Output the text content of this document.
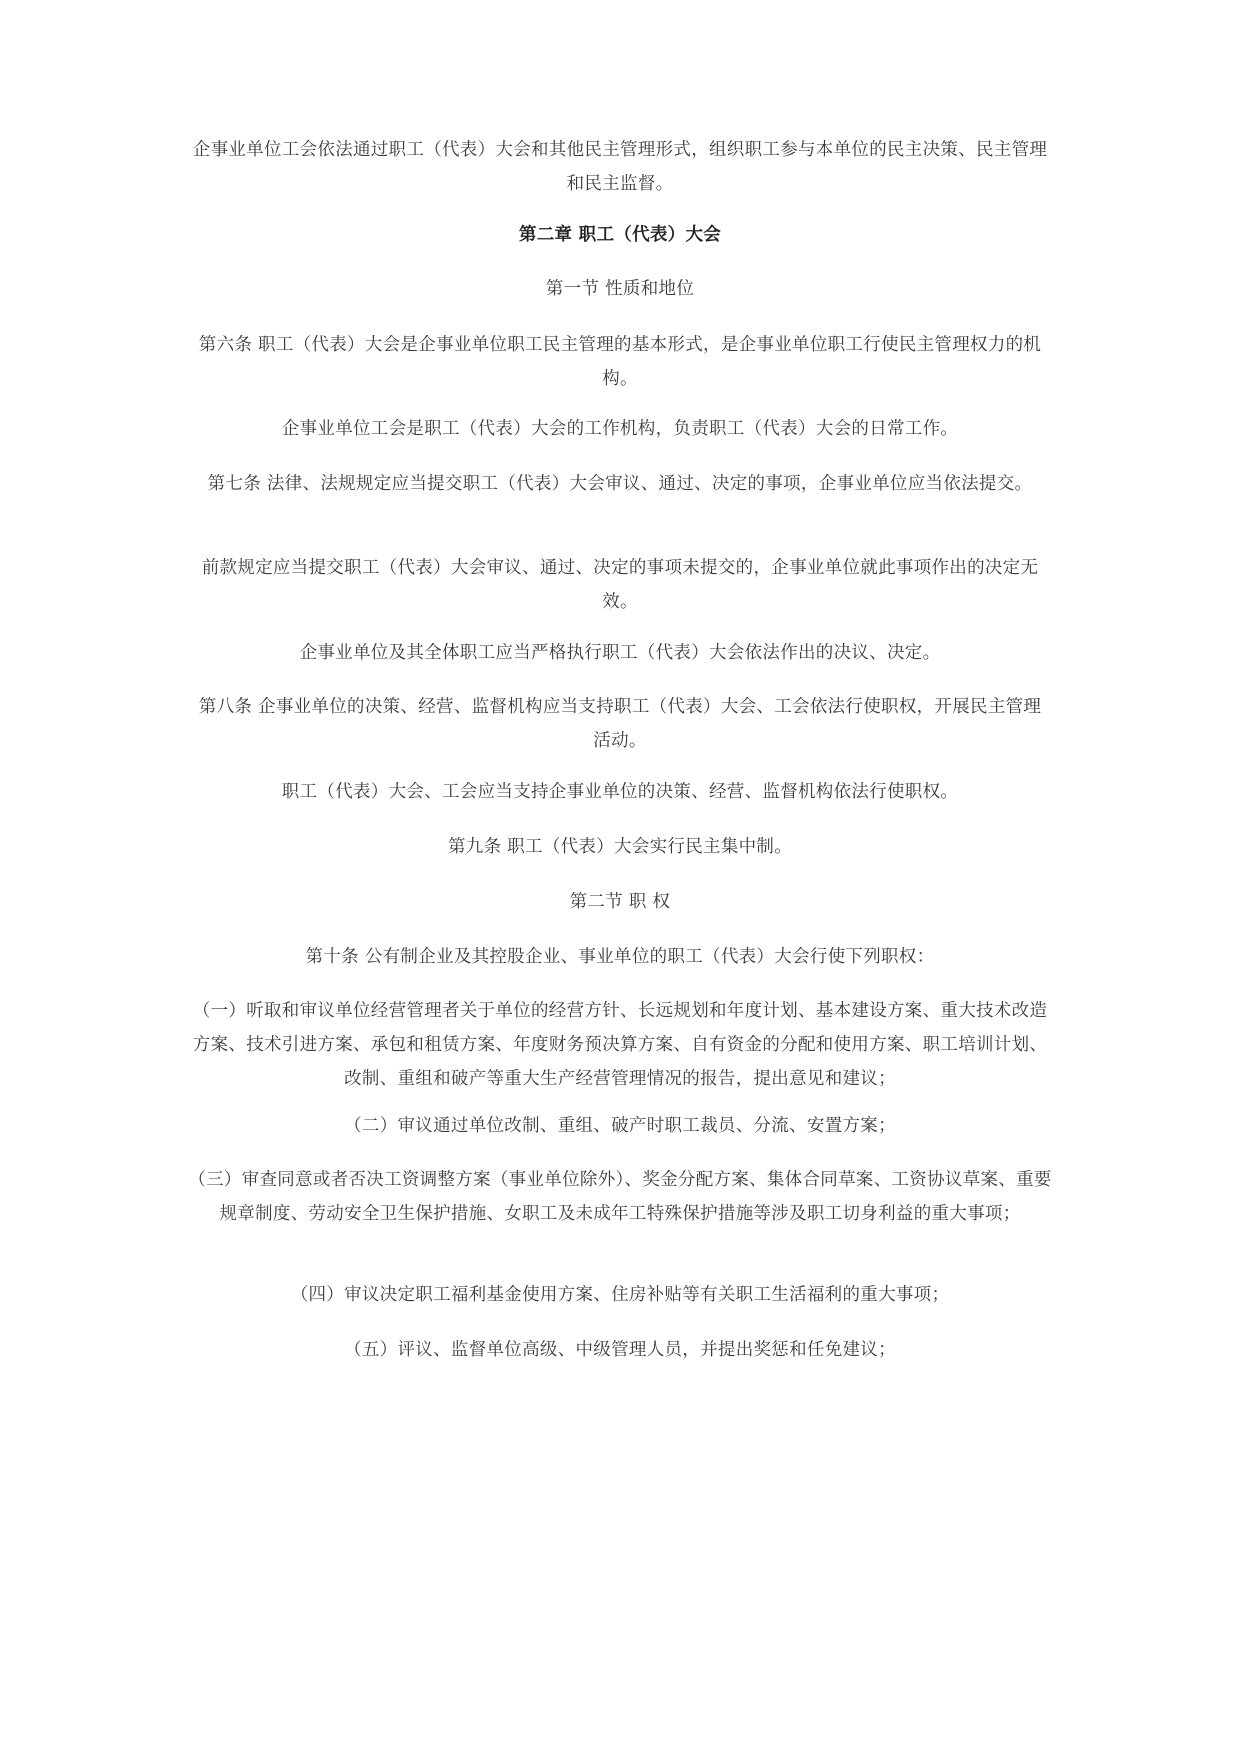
企事业单位工会依法通过职工（代表）大会和其他民主管理形式，组织职工参与本单位的民主决策、民主管理和民主监督。

第二章 职工（代表）大会

第一节 性质和地位

第六条 职工（代表）大会是企事业单位职工民主管理的基本形式，是企事业单位职工行使民主管理权力的机构。

企事业单位工会是职工（代表）大会的工作机构，负责职工（代表）大会的日常工作。

第七条 法律、法规规定应当提交职工（代表）大会审议、通过、决定的事项，企事业单位应当依法提交。

前款规定应当提交职工（代表）大会审议、通过、决定的事项未提交的，企事业单位就此事项作出的决定无效。

企事业单位及其全体职工应当严格执行职工（代表）大会依法作出的决议、决定。

第八条 企事业单位的决策、经营、监督机构应当支持职工（代表）大会、工会依法行使职权，开展民主管理活动。

职工（代表）大会、工会应当支持企事业单位的决策、经营、监督机构依法行使职权。

第九条 职工（代表）大会实行民主集中制。

第二节 职 权

第十条 公有制企业及其控股企业、事业单位的职工（代表）大会行使下列职权：

（一）听取和审议单位经营管理者关于单位的经营方针、长远规划和年度计划、基本建设方案、重大技术改造方案、技术引进方案、承包和租赁方案、年度财务预决算方案、自有资金的分配和使用方案、职工培训计划、改制、重组和破产等重大生产经营管理情况的报告，提出意见和建议；

（二）审议通过单位改制、重组、破产时职工裁员、分流、安置方案；

（三）审查同意或者否决工资调整方案（事业单位除外）、奖金分配方案、集体合同草案、工资协议草案、重要规章制度、劳动安全卫生保护措施、女职工及未成年工特殊保护措施等涉及职工切身利益的重大事项；

（四）审议决定职工福利基金使用方案、住房补贴等有关职工生活福利的重大事项；

（五）评议、监督单位高级、中级管理人员，并提出奖惩和任免建议；
